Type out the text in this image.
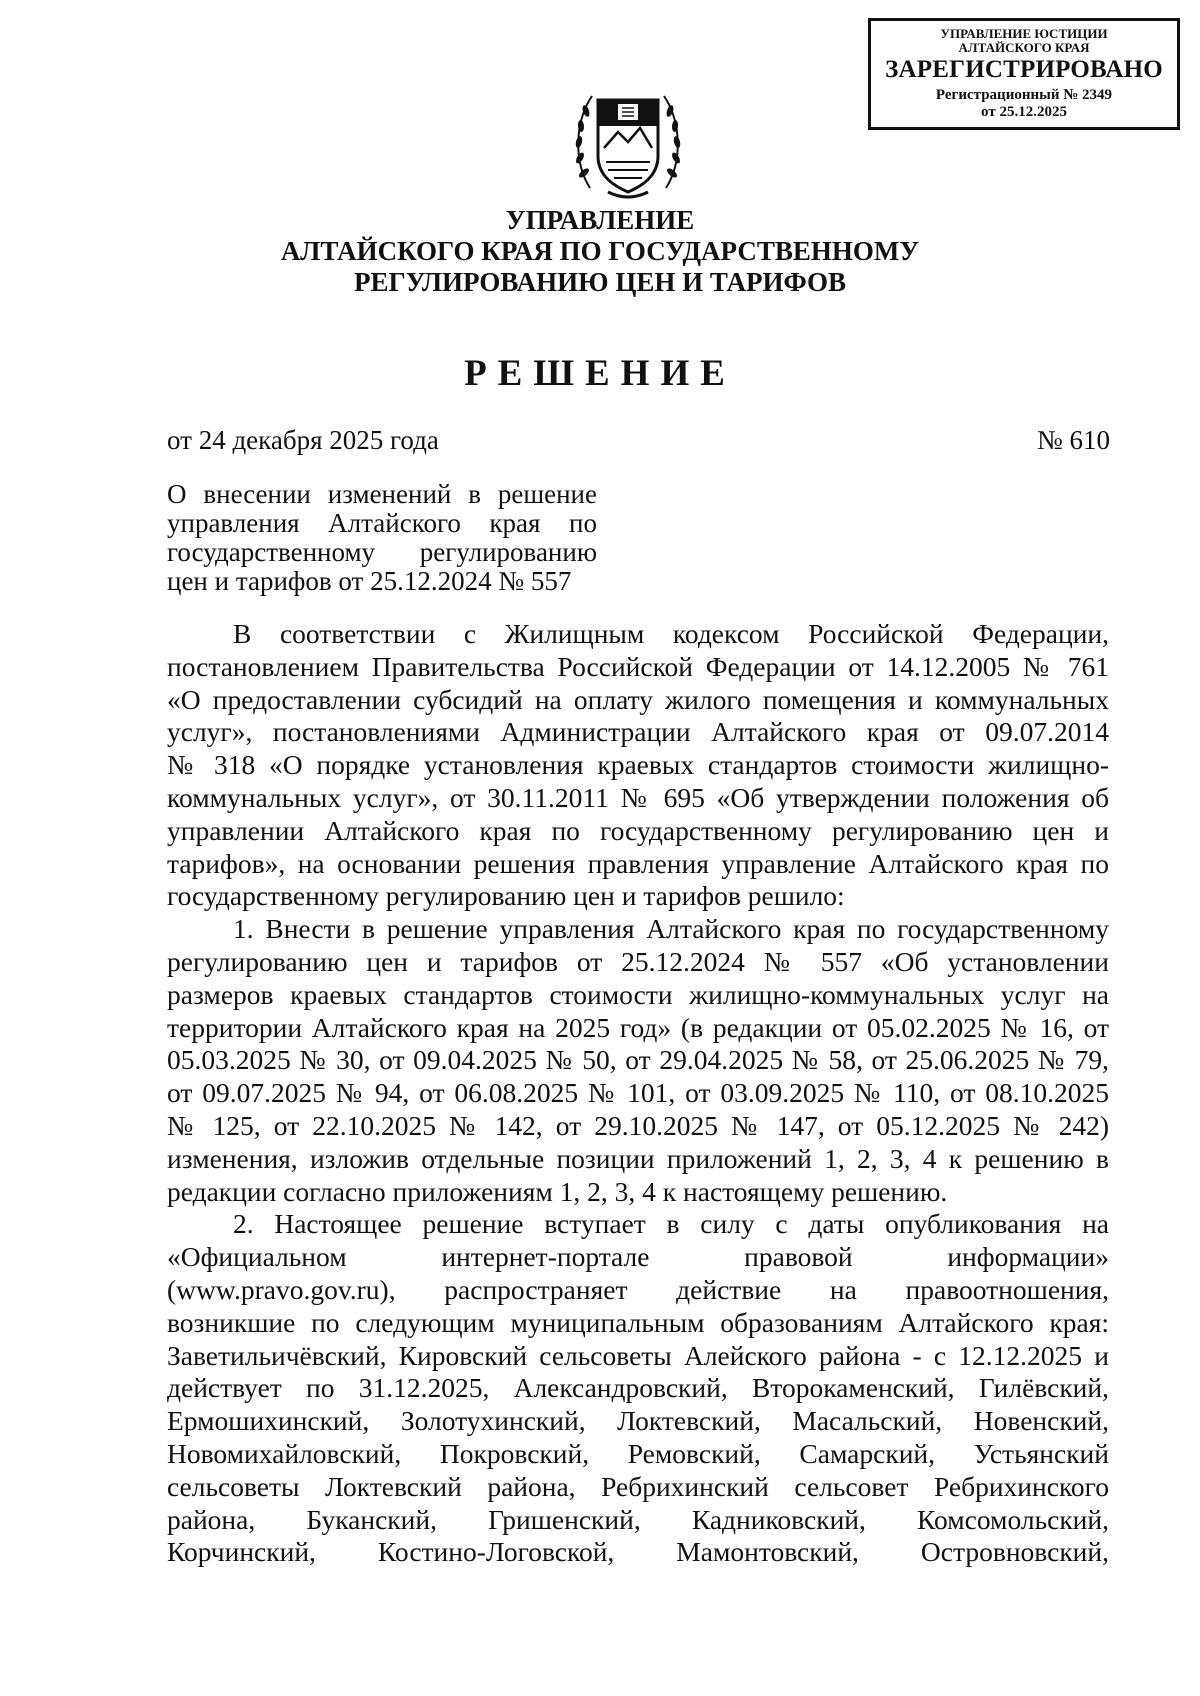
УПРАВЛЕНИЕ ЮСТИЦИИ
АЛТАЙСКОГО КРАЯ
ЗАРЕГИСТРИРОВАНО
Регистрационный № 2349
от 25.12.2025
УПРАВЛЕНИЕ
АЛТАЙСКОГО КРАЯ ПО ГОСУДАРСТВЕННОМУ
РЕГУЛИРОВАНИЮ ЦЕН И ТАРИФОВ
РЕШЕНИЕ
от 24 декабря 2025 года	№ 610
О внесении изменений в решение
управления Алтайского края по
государственному регулированию
цен и тарифов от 25.12.2024 № 557
В соответствии с Жилищным кодексом Российской Федерации,
постановлением Правительства Российской Федерации от 14.12.2005 № 761
«О предоставлении субсидий на оплату жилого помещения и коммунальных
услуг», постановлениями Администрации Алтайского края от 09.07.2014
№ 318 «О порядке установления краевых стандартов стоимости жилищно-
коммунальных услуг», от 30.11.2011 № 695 «Об утверждении положения об
управлении Алтайского края по государственному регулированию цен и
тарифов», на основании решения правления управление Алтайского края по
государственному регулированию цен и тарифов решило:
1. Внести в решение управления Алтайского края по государственному
регулированию цен и тарифов от 25.12.2024 № 557 «Об установлении
размеров краевых стандартов стоимости жилищно-коммунальных услуг на
территории Алтайского края на 2025 год» (в редакции от 05.02.2025 № 16, от
05.03.2025 № 30, от 09.04.2025 № 50, от 29.04.2025 № 58, от 25.06.2025 № 79,
от 09.07.2025 № 94, от 06.08.2025 № 101, от 03.09.2025 № 110, от 08.10.2025
№ 125, от 22.10.2025 № 142, от 29.10.2025 № 147, от 05.12.2025 № 242)
изменения, изложив отдельные позиции приложений 1, 2, 3, 4 к решению в
редакции согласно приложениям 1, 2, 3, 4 к настоящему решению.
2. Настоящее решение вступает в силу с даты опубликования на
«Официальном интернет-портале правовой информации»
(www.pravo.gov.ru), распространяет действие на правоотношения,
возникшие по следующим муниципальным образованиям Алтайского края:
Заветильичёвский, Кировский сельсоветы Алейского района - с 12.12.2025 и
действует по 31.12.2025, Александровский, Второкаменский, Гилёвский,
Ермошихинский, Золотухинский, Локтевский, Масальский, Новенский,
Новомихайловский, Покровский, Ремовский, Самарский, Устьянский
сельсоветы Локтевский района, Ребрихинский сельсовет Ребрихинского
района, Буканский, Гришенский, Кадниковский, Комсомольский,
Корчинский, Костино-Логовской, Мамонтовский, Островновский,
